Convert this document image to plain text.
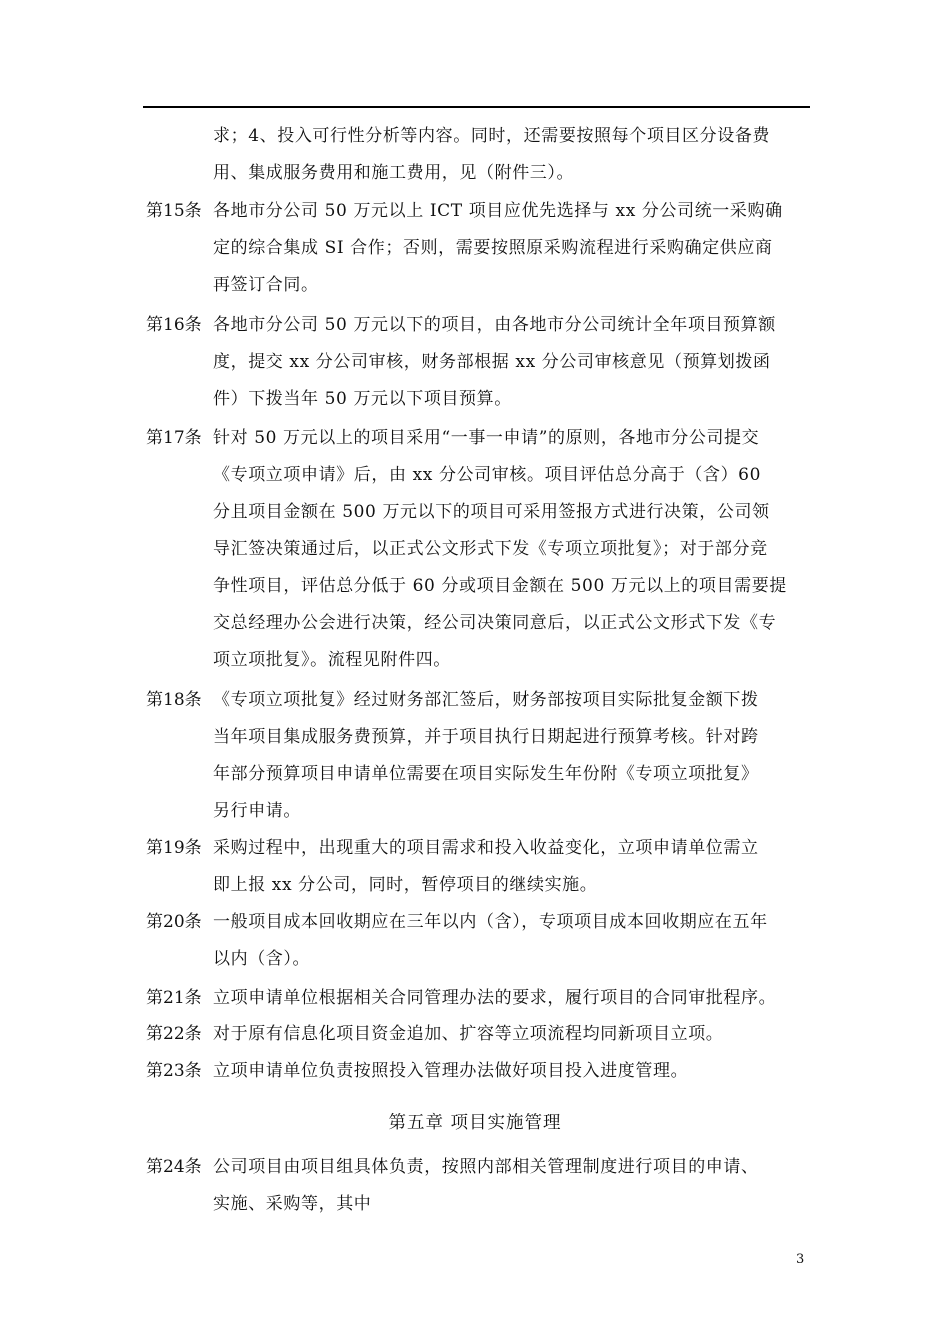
求；4、投入可行性分析等内容。同时，还需要按照每个项目区分设备费
用、集成服务费用和施工费用，见（附件三）。
第15条 各地市分公司 50 万元以上 ICT 项目应优先选择与 xx 分公司统一采购确
定的综合集成 SI 合作；否则，需要按照原采购流程进行采购确定供应商
再签订合同。
第16条 各地市分公司 50 万元以下的项目，由各地市分公司统计全年项目预算额
度，提交 xx 分公司审核，财务部根据 xx 分公司审核意见（预算划拨函
件）下拨当年 50 万元以下项目预算。
第17条 针对 50 万元以上的项目采用“一事一申请”的原则，各地市分公司提交
《专项立项申请》后，由 xx 分公司审核。项目评估总分高于（含）60
分且项目金额在 500 万元以下的项目可采用签报方式进行决策，公司领
导汇签决策通过后，以正式公文形式下发《专项立项批复》；对于部分竞
争性项目，评估总分低于 60 分或项目金额在 500 万元以上的项目需要提
交总经理办公会进行决策，经公司决策同意后，以正式公文形式下发《专
项立项批复》。流程见附件四。
第18条 《专项立项批复》经过财务部汇签后，财务部按项目实际批复金额下拨
当年项目集成服务费预算，并于项目执行日期起进行预算考核。针对跨
年部分预算项目申请单位需要在项目实际发生年份附《专项立项批复》
另行申请。
第19条 采购过程中，出现重大的项目需求和投入收益变化，立项申请单位需立
即上报 xx 分公司，同时，暂停项目的继续实施。
第20条 一般项目成本回收期应在三年以内（含），专项项目成本回收期应在五年
以内（含）。
第21条 立项申请单位根据相关合同管理办法的要求，履行项目的合同审批程序。
第22条 对于原有信息化项目资金追加、扩容等立项流程均同新项目立项。
第23条 立项申请单位负责按照投入管理办法做好项目投入进度管理。
第五章 项目实施管理
第24条 公司项目由项目组具体负责，按照内部相关管理制度进行项目的申请、
实施、采购等，其中
3
